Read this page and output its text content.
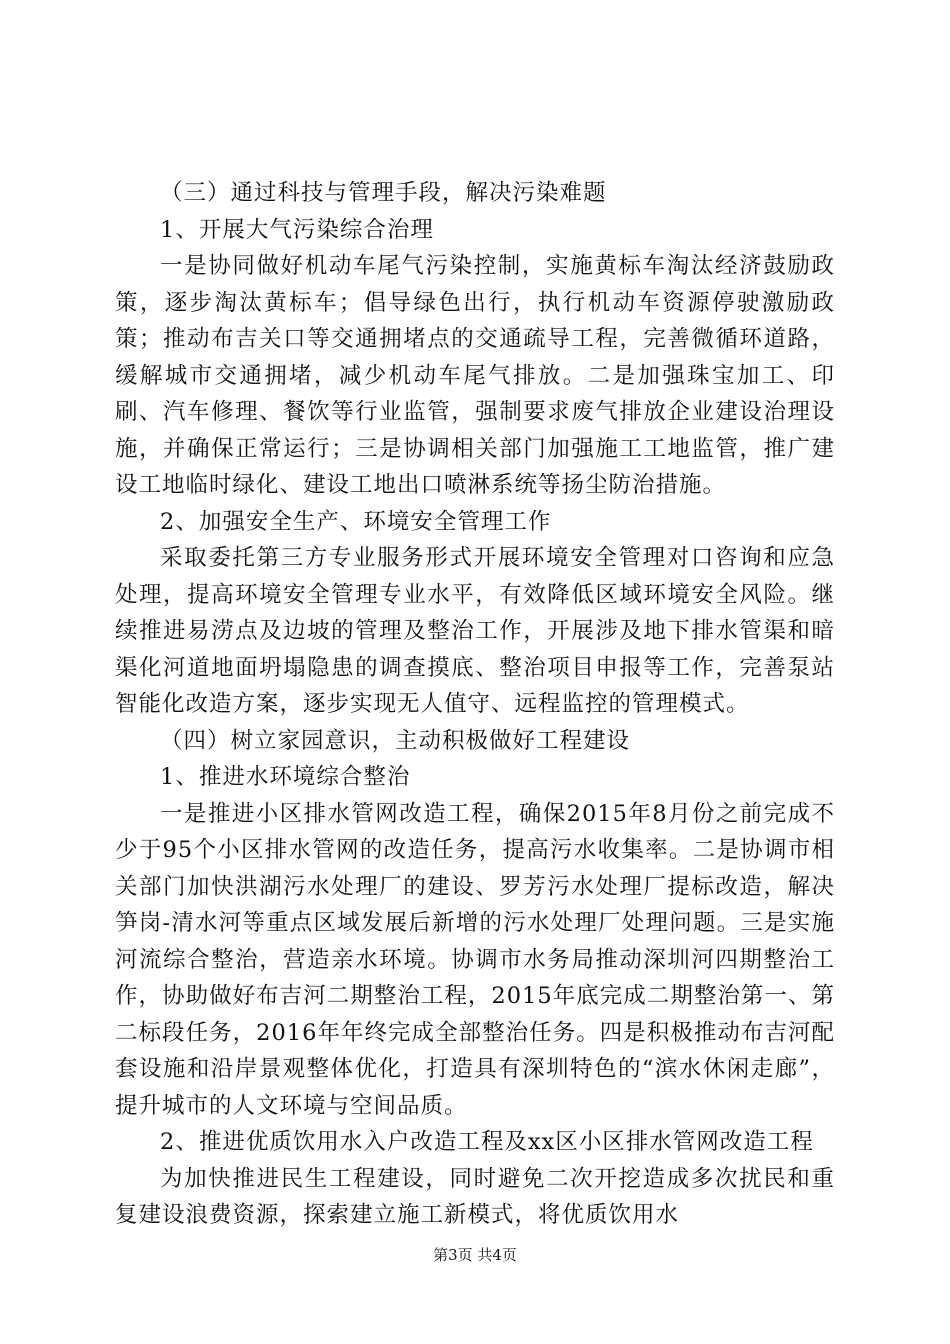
（三）通过科技与管理手段，解决污染难题

1、开展大气污染综合治理

一是协同做好机动车尾气污染控制，实施黄标车淘汰经济鼓励政策，逐步淘汰黄标车；倡导绿色出行，执行机动车资源停驶激励政策；推动布吉关口等交通拥堵点的交通疏导工程，完善微循环道路，缓解城市交通拥堵，减少机动车尾气排放。二是加强珠宝加工、印刷、汽车修理、餐饮等行业监管，强制要求废气排放企业建设治理设施，并确保正常运行；三是协调相关部门加强施工工地监管，推广建设工地临时绿化、建设工地出口喷淋系统等扬尘防治措施。

2、加强安全生产、环境安全管理工作

采取委托第三方专业服务形式开展环境安全管理对口咨询和应急处理，提高环境安全管理专业水平，有效降低区域环境安全风险。继续推进易涝点及边坡的管理及整治工作，开展涉及地下排水管渠和暗渠化河道地面坍塌隐患的调查摸底、整治项目申报等工作，完善泵站智能化改造方案，逐步实现无人值守、远程监控的管理模式。

（四）树立家园意识，主动积极做好工程建设

1、推进水环境综合整治

一是推进小区排水管网改造工程，确保2015年8月份之前完成不少于95个小区排水管网的改造任务，提高污水收集率。二是协调市相关部门加快洪湖污水处理厂的建设、罗芳污水处理厂提标改造，解决笋岗-清水河等重点区域发展后新增的污水处理厂处理问题。三是实施河流综合整治，营造亲水环境。协调市水务局推动深圳河四期整治工作，协助做好布吉河二期整治工程，2015年底完成二期整治第一、第二标段任务，2016年年终完成全部整治任务。四是积极推动布吉河配套设施和沿岸景观整体优化，打造具有深圳特色的“滨水休闲走廊”，提升城市的人文环境与空间品质。

2、推进优质饮用水入户改造工程及xx区小区排水管网改造工程

为加快推进民生工程建设，同时避免二次开挖造成多次扰民和重复建设浪费资源，探索建立施工新模式，将优质饮用水

第3页 共4页
